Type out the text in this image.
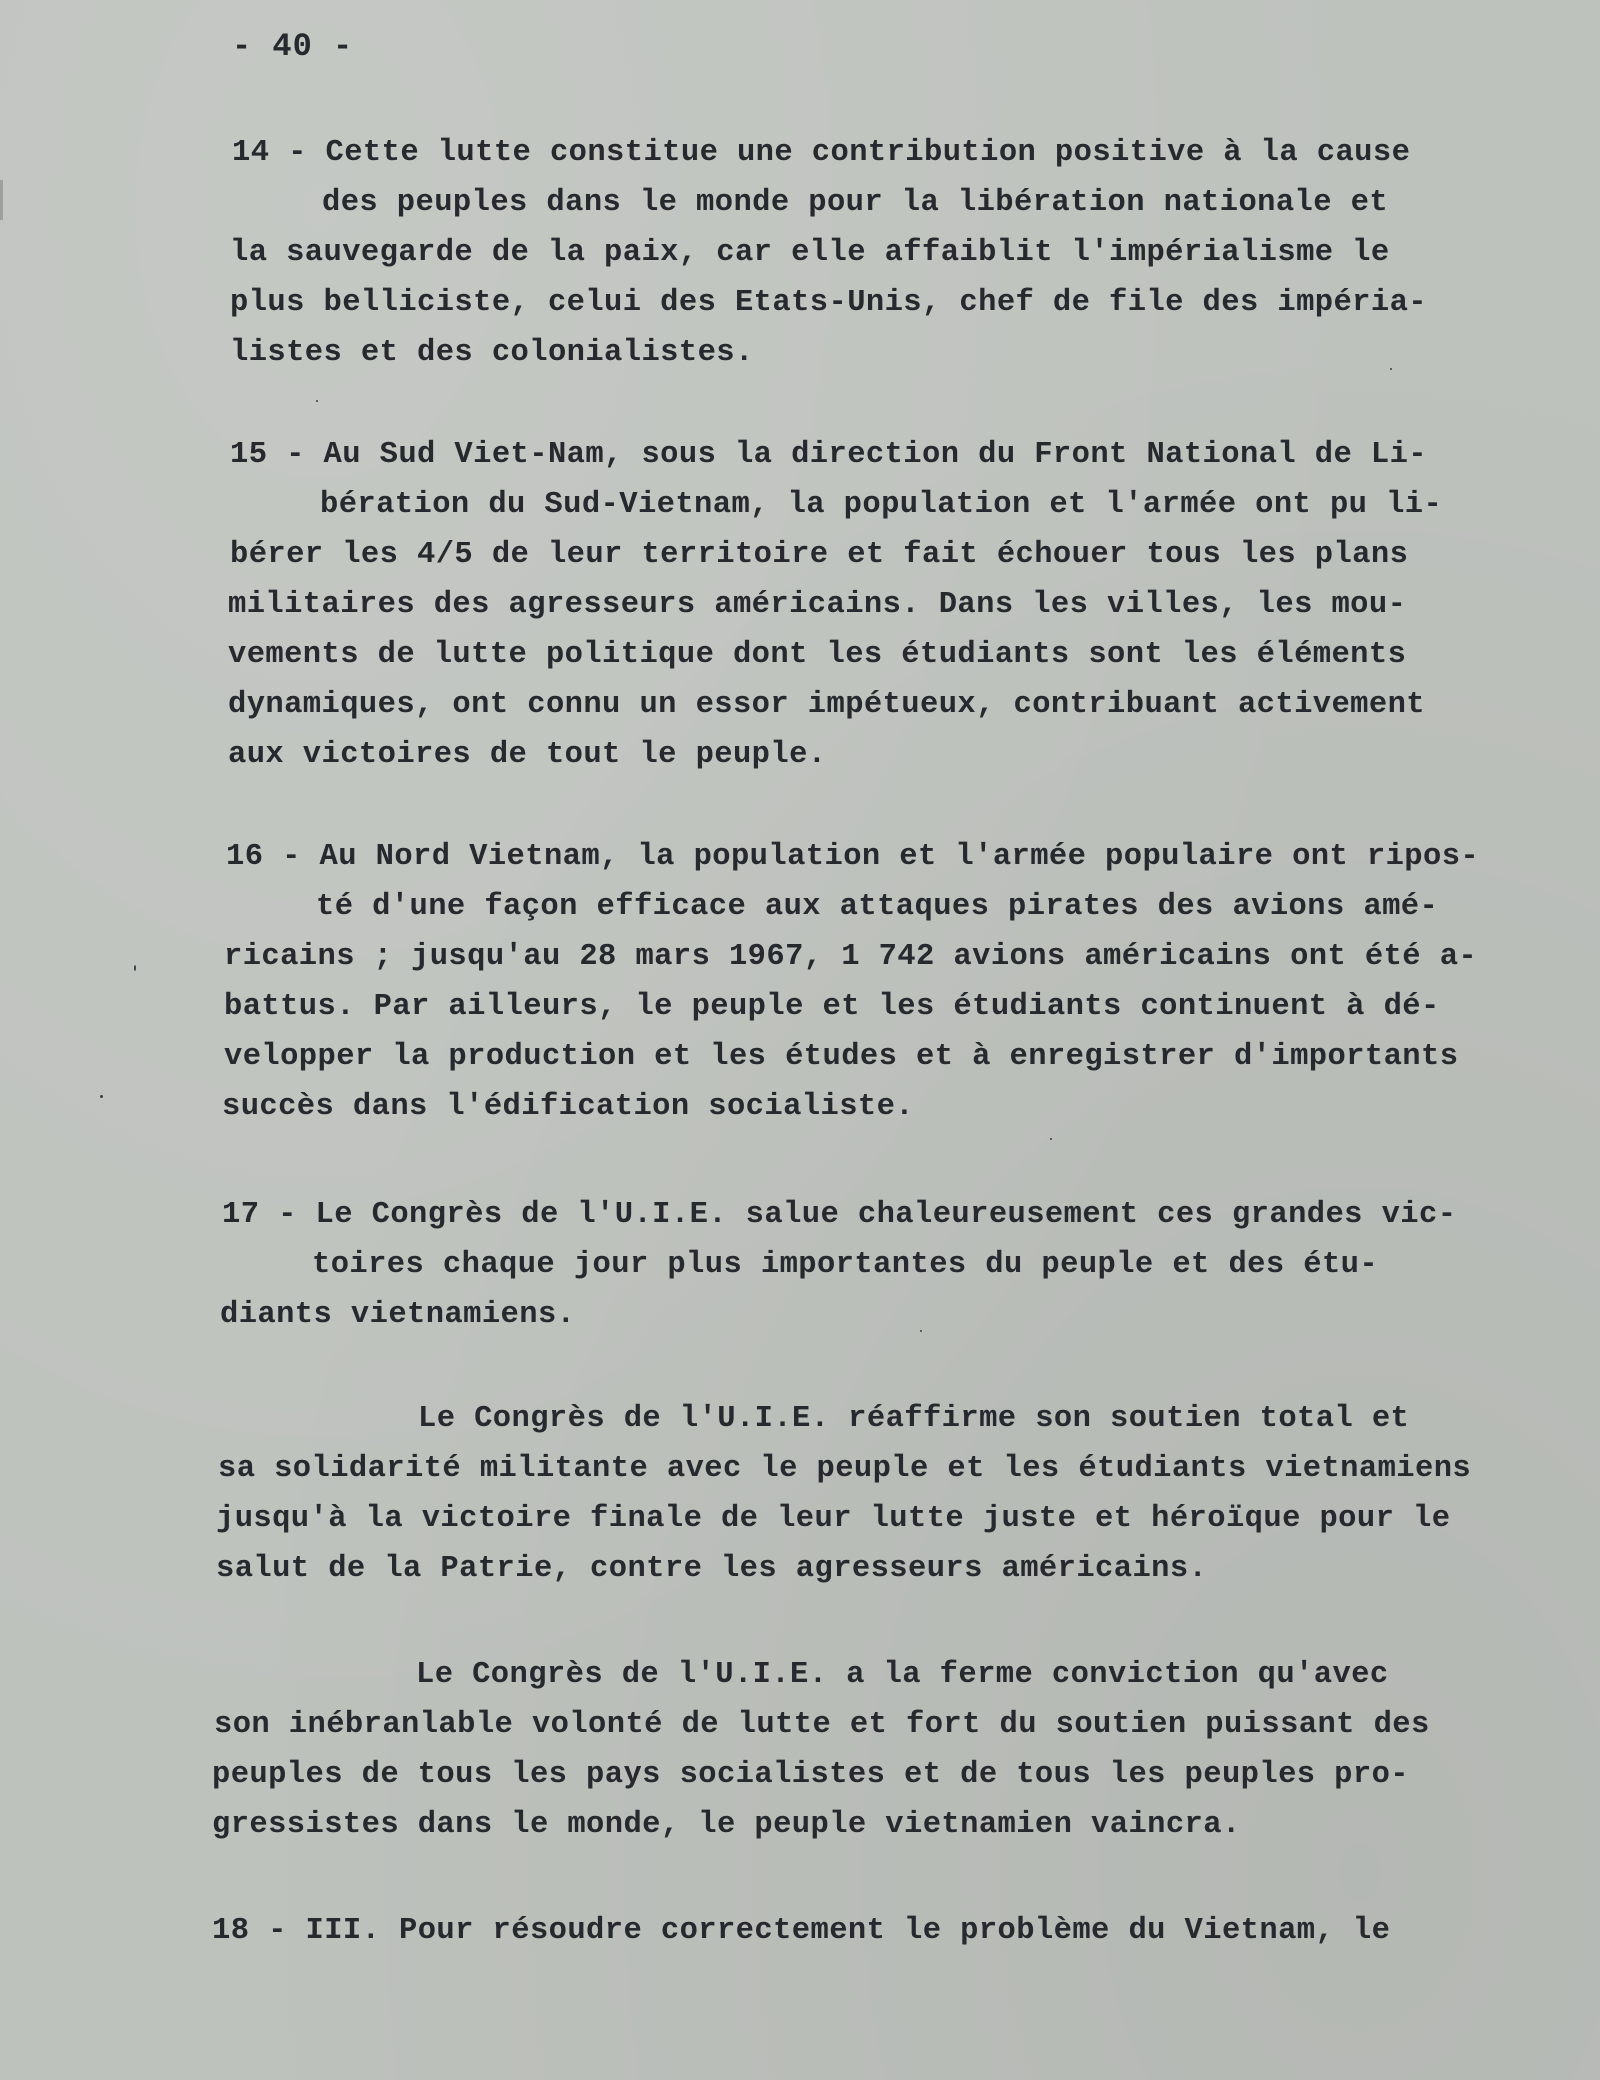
- 40 -
14 - Cette lutte constitue une contribution positive à la cause
des peuples dans le monde pour la libération nationale et
la sauvegarde de la paix, car elle affaiblit l'impérialisme le
plus belliciste, celui des Etats-Unis, chef de file des impéria-
listes et des colonialistes.
15 - Au Sud Viet-Nam, sous la direction du Front National de Li-
bération du Sud-Vietnam, la population et l'armée ont pu li-
bérer les 4/5 de leur territoire et fait échouer tous les plans
militaires des agresseurs américains. Dans les villes, les mou-
vements de lutte politique dont les étudiants sont les éléments
dynamiques, ont connu un essor impétueux, contribuant activement
aux victoires de tout le peuple.
16 - Au Nord Vietnam, la population et l'armée populaire ont ripos-
té d'une façon efficace aux attaques pirates des avions amé-
ricains ; jusqu'au 28 mars 1967, 1 742 avions américains ont été a-
battus. Par ailleurs, le peuple et les étudiants continuent à dé-
velopper la production et les études et à enregistrer d'importants
succès dans l'édification socialiste.
17 - Le Congrès de l'U.I.E. salue chaleureusement ces grandes vic-
toires chaque jour plus importantes du peuple et des étu-
diants vietnamiens.
Le Congrès de l'U.I.E. réaffirme son soutien total et
sa solidarité militante avec le peuple et les étudiants vietnamiens
jusqu'à la victoire finale de leur lutte juste et héroïque pour le
salut de la Patrie, contre les agresseurs américains.
Le Congrès de l'U.I.E. a la ferme conviction qu'avec
son inébranlable volonté de lutte et fort du soutien puissant des
peuples de tous les pays socialistes et de tous les peuples pro-
gressistes dans le monde, le peuple vietnamien vaincra.
18 - III. Pour résoudre correctement le problème du Vietnam, le
